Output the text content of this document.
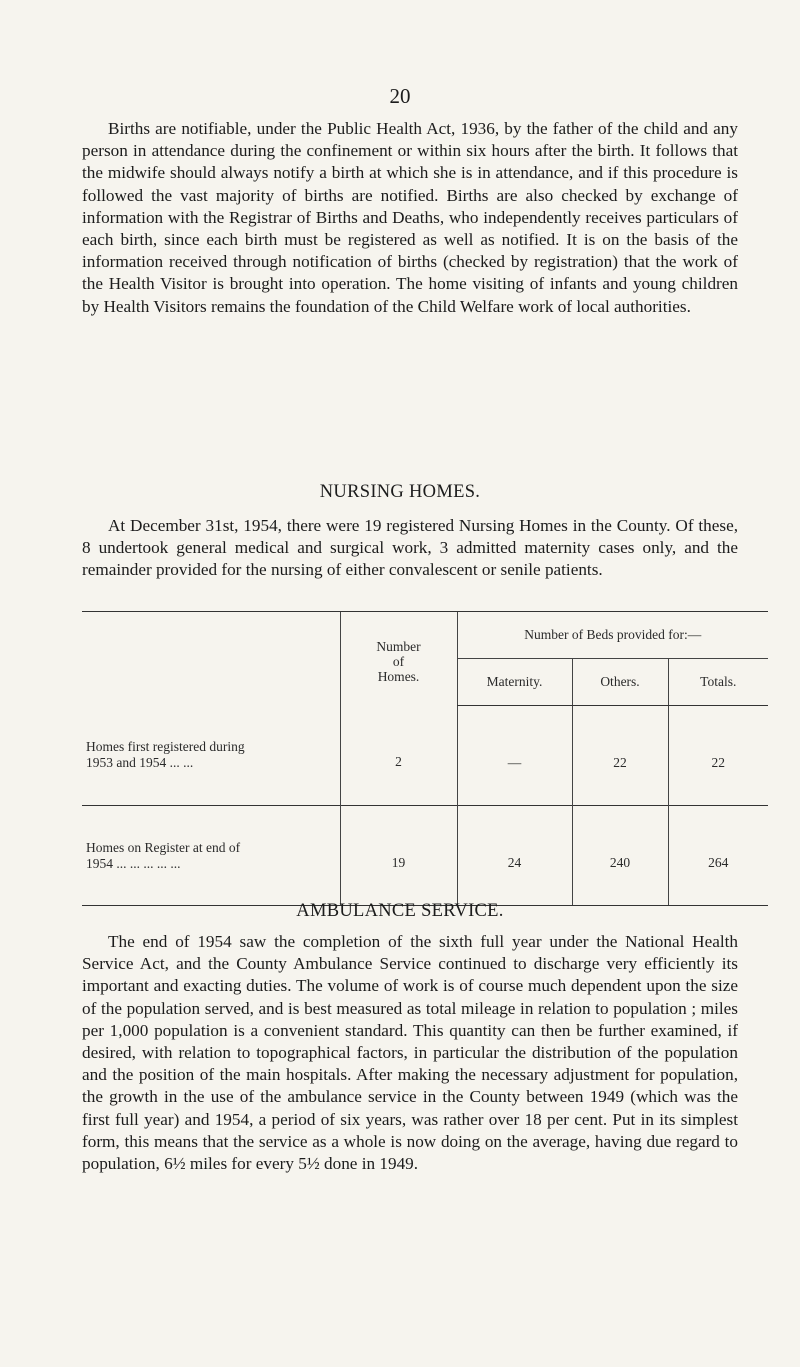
20

Births are notifiable, under the Public Health Act, 1936, by the father of the child and any person in attendance during the confinement or within six hours after the birth. It follows that the midwife should always notify a birth at which she is in attendance, and if this procedure is followed the vast majority of births are notified. Births are also checked by exchange of information with the Registrar of Births and Deaths, who independently receives particulars of each birth, since each birth must be registered as well as notified. It is on the basis of the information received through notification of births (checked by registration) that the work of the Health Visitor is brought into operation. The home visiting of infants and young children by Health Visitors remains the foundation of the Child Welfare work of local authorities.

NURSING HOMES.

At December 31st, 1954, there were 19 registered Nursing Homes in the County. Of these, 8 undertook general medical and surgical work, 3 admitted maternity cases only, and the remainder provided for the nursing of either convalescent or senile patients.

	Number
of
Homes.	Number of Beds provided for:—		
		Maternity.	Others.	Totals.

Homes first registered during
1953 and 1954 ... ...	2	—	22	22

Homes on Register at end of
1954 ... ... ... ... ...	19	24	240	264
AMBULANCE SERVICE.

The end of 1954 saw the completion of the sixth full year under the National Health Service Act, and the County Ambulance Service continued to discharge very efficiently its important and exacting duties. The volume of work is of course much dependent upon the size of the population served, and is best measured as total mileage in relation to population ; miles per 1,000 population is a convenient standard. This quantity can then be further examined, if desired, with relation to topographical factors, in particular the distribution of the population and the position of the main hospitals. After making the necessary adjustment for population, the growth in the use of the ambulance service in the County between 1949 (which was the first full year) and 1954, a period of six years, was rather over 18 per cent. Put in its simplest form, this means that the service as a whole is now doing on the average, having due regard to population, 6½ miles for every 5½ done in 1949.
